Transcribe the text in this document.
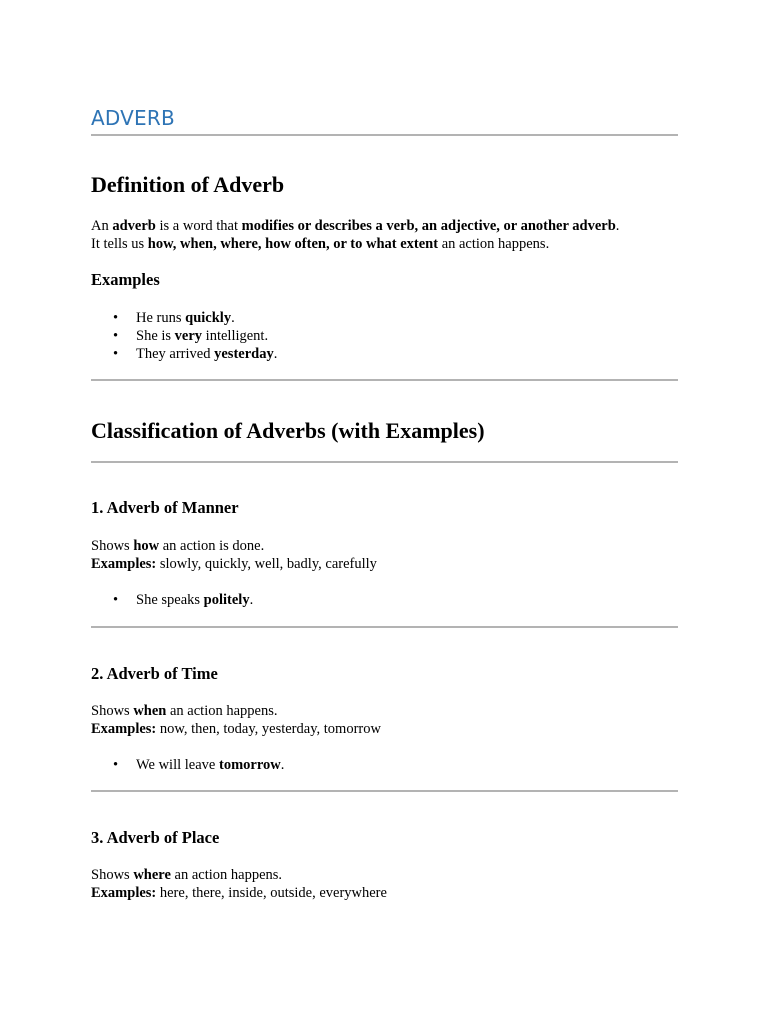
ADVERB
Definition of Adverb

An adverb is a word that modifies or describes a verb, an adjective, or another adverb.
It tells us how, when, where, how often, or to what extent an action happens.

Examples
• He runs quickly.
• She is very intelligent.
• They arrived yesterday.
Classification of Adverbs (with Examples)
1. Adverb of Manner

Shows how an action is done.
Examples: slowly, quickly, well, badly, carefully

• She speaks politely.
2. Adverb of Time

Shows when an action happens.
Examples: now, then, today, yesterday, tomorrow

• We will leave tomorrow.
3. Adverb of Place

Shows where an action happens.
Examples: here, there, inside, outside, everywhere
